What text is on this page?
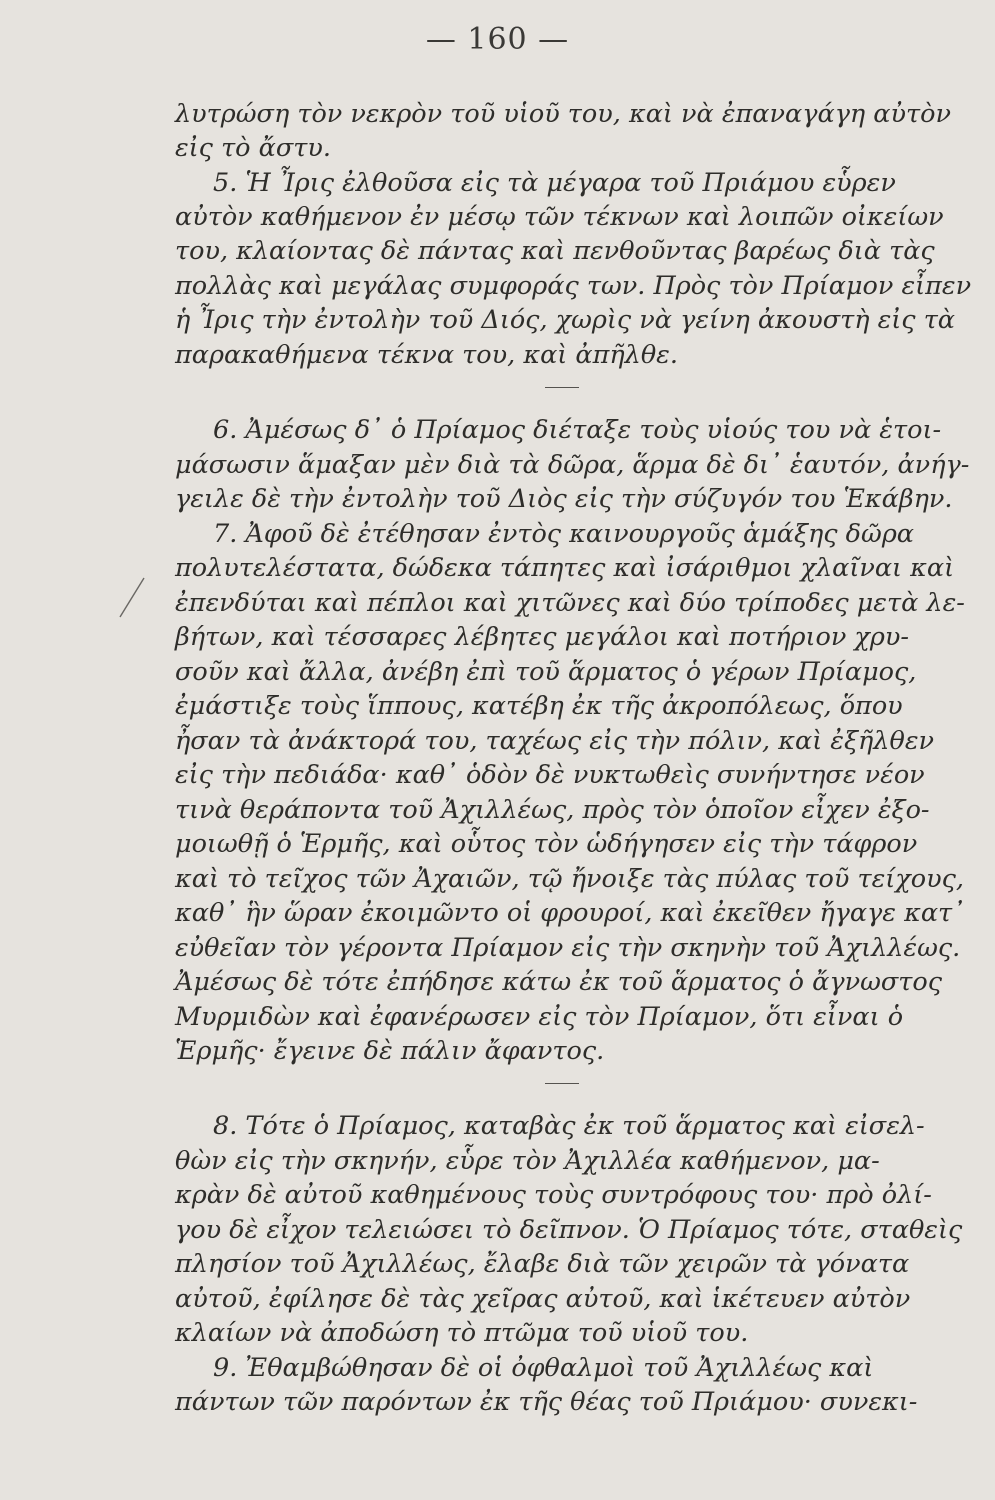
— 160 —
λυτρώση τὸν νεκρὸν τοῦ υἱοῦ του, καὶ νὰ ἐπαναγάγη αὐτὸν
εἰς τὸ ἄστυ.
5. Ἡ Ἶρις ἐλθοῦσα εἰς τὰ μέγαρα τοῦ Πριάμου εὗρεν
αὐτὸν καθήμενον ἐν μέσῳ τῶν τέκνων καὶ λοιπῶν οἰκείων
του, κλαίοντας δὲ πάντας καὶ πενθοῦντας βαρέως διὰ τὰς
πολλὰς καὶ μεγάλας συμφοράς των. Πρὸς τὸν Πρίαμον εἶπεν
ἡ Ἶρις τὴν ἐντολὴν τοῦ Διός, χωρὶς νὰ γείνη ἀκουστὴ εἰς τὰ
παρακαθήμενα τέκνα του, καὶ ἀπῆλθε.
6. Ἀμέσως δ᾽ ὁ Πρίαμος διέταξε τοὺς υἱούς του νὰ ἑτοι-
μάσωσιν ἅμαξαν μὲν διὰ τὰ δῶρα, ἅρμα δὲ δι᾽ ἑαυτόν, ἀνήγ-
γειλε δὲ τὴν ἐντολὴν τοῦ Διὸς εἰς τὴν σύζυγόν του Ἑκάβην.
7. Ἀφοῦ δὲ ἐτέθησαν ἐντὸς καινουργοῦς ἁμάξης δῶρα
πολυτελέστατα, δώδεκα τάπητες καὶ ἰσάριθμοι χλαῖναι καὶ
ἐπενδύται καὶ πέπλοι καὶ χιτῶνες καὶ δύο τρίποδες μετὰ λε-
βήτων, καὶ τέσσαρες λέβητες μεγάλοι καὶ ποτήριον χρυ-
σοῦν καὶ ἄλλα, ἀνέβη ἐπὶ τοῦ ἅρματος ὁ γέρων Πρίαμος,
ἐμάστιξε τοὺς ἵππους, κατέβη ἐκ τῆς ἀκροπόλεως, ὅπου
ἦσαν τὰ ἀνάκτορά του, ταχέως εἰς τὴν πόλιν, καὶ ἐξῆλθεν
εἰς τὴν πεδιάδα· καθ᾽ ὁδὸν δὲ νυκτωθεὶς συνήντησε νέον
τινὰ θεράποντα τοῦ Ἀχιλλέως, πρὸς τὸν ὁποῖον εἶχεν ἐξο-
μοιωθῇ ὁ Ἑρμῆς, καὶ οὗτος τὸν ὡδήγησεν εἰς τὴν τάφρον
καὶ τὸ τεῖχος τῶν Ἀχαιῶν, τῷ ἤνοιξε τὰς πύλας τοῦ τείχους,
καθ᾽ ἣν ὥραν ἐκοιμῶντο οἱ φρουροί, καὶ ἐκεῖθεν ἤγαγε κατ᾽
εὐθεῖαν τὸν γέροντα Πρίαμον εἰς τὴν σκηνὴν τοῦ Ἀχιλλέως.
Ἀμέσως δὲ τότε ἐπήδησε κάτω ἐκ τοῦ ἅρματος ὁ ἄγνωστος
Μυρμιδὼν καὶ ἐφανέρωσεν εἰς τὸν Πρίαμον, ὅτι εἶναι ὁ
Ἑρμῆς· ἔγεινε δὲ πάλιν ἄφαντος.
8. Τότε ὁ Πρίαμος, καταβὰς ἐκ τοῦ ἅρματος καὶ εἰσελ-
θὼν εἰς τὴν σκηνήν, εὗρε τὸν Ἀχιλλέα καθήμενον, μα-
κρὰν δὲ αὐτοῦ καθημένους τοὺς συντρόφους του· πρὸ ὀλί-
γου δὲ εἶχον τελειώσει τὸ δεῖπνον. Ὁ Πρίαμος τότε, σταθεὶς
πλησίον τοῦ Ἀχιλλέως, ἔλαβε διὰ τῶν χειρῶν τὰ γόνατα
αὐτοῦ, ἐφίλησε δὲ τὰς χεῖρας αὐτοῦ, καὶ ἱκέτευεν αὐτὸν
κλαίων νὰ ἀποδώση τὸ πτῶμα τοῦ υἱοῦ του.
9. Ἐθαμβώθησαν δὲ οἱ ὀφθαλμοὶ τοῦ Ἀχιλλέως καὶ
πάντων τῶν παρόντων ἐκ τῆς θέας τοῦ Πριάμου· συνεκι-
